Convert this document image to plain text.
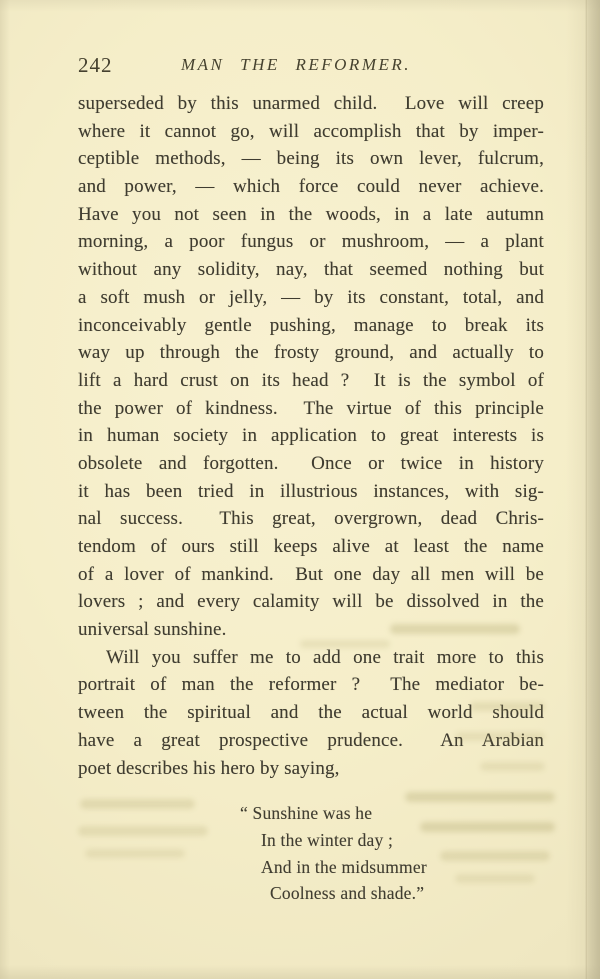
242	MAN THE REFORMER.
superseded by this unarmed child.  Love will creep
where it cannot go, will accomplish that by imper-
ceptible methods, — being its own lever, fulcrum,
and power, — which force could never achieve.
Have you not seen in the woods, in a late autumn
morning, a poor fungus or mushroom, — a plant
without any solidity, nay, that seemed nothing but
a soft mush or jelly, — by its constant, total, and
inconceivably gentle pushing, manage to break its
way up through the frosty ground, and actually to
lift a hard crust on its head ?  It is the symbol of
the power of kindness.  The virtue of this principle
in human society in application to great interests is
obsolete and forgotten.  Once or twice in history
it has been tried in illustrious instances, with sig-
nal success.  This great, overgrown, dead Chris-
tendom of ours still keeps alive at least the name
of a lover of mankind.  But one day all men will be
lovers ; and every calamity will be dissolved in the
universal sunshine.
Will you suffer me to add one trait more to this
portrait of man the reformer ?  The mediator be-
tween the spiritual and the actual world should
have a great prospective prudence.  An Arabian
poet describes his hero by saying,
“ Sunshine was he
In the winter day ;
And in the midsummer
Coolness and shade.”
